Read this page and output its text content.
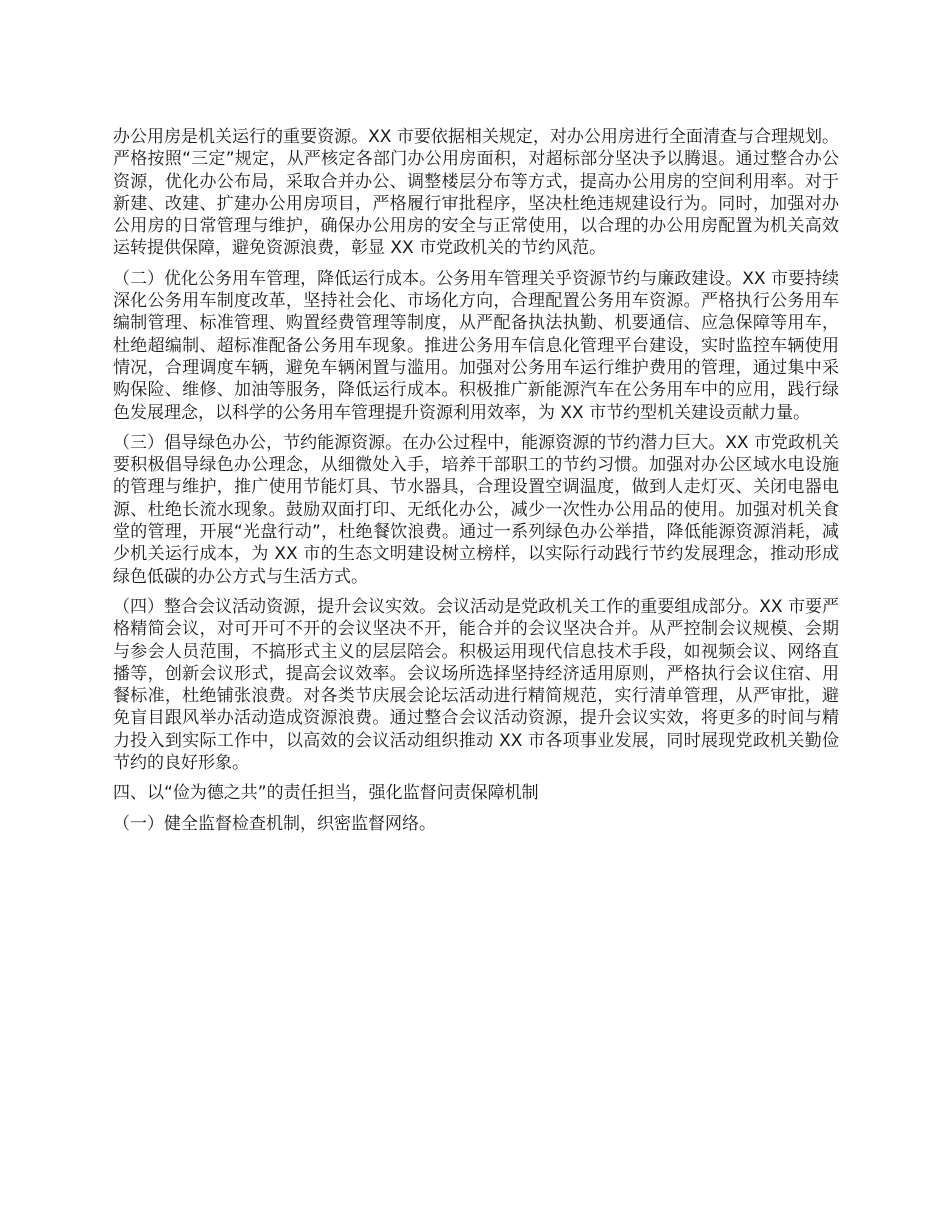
办公用房是机关运行的重要资源。XX 市要依据相关规定，对办公用房进行全面清查与合理规划。严格按照“三定”规定，从严核定各部门办公用房面积，对超标部分坚决予以腾退。通过整合办公资源，优化办公布局，采取合并办公、调整楼层分布等方式，提高办公用房的空间利用率。对于新建、改建、扩建办公用房项目，严格履行审批程序，坚决杜绝违规建设行为。同时，加强对办公用房的日常管理与维护，确保办公用房的安全与正常使用，以合理的办公用房配置为机关高效运转提供保障，避免资源浪费，彰显 XX 市党政机关的节约风范。

（二）优化公务用车管理，降低运行成本。公务用车管理关乎资源节约与廉政建设。XX 市要持续深化公务用车制度改革，坚持社会化、市场化方向，合理配置公务用车资源。严格执行公务用车编制管理、标准管理、购置经费管理等制度，从严配备执法执勤、机要通信、应急保障等用车，杜绝超编制、超标准配备公务用车现象。推进公务用车信息化管理平台建设，实时监控车辆使用情况，合理调度车辆，避免车辆闲置与滥用。加强对公务用车运行维护费用的管理，通过集中采购保险、维修、加油等服务，降低运行成本。积极推广新能源汽车在公务用车中的应用，践行绿色发展理念，以科学的公务用车管理提升资源利用效率，为 XX 市节约型机关建设贡献力量。

（三）倡导绿色办公，节约能源资源。在办公过程中，能源资源的节约潜力巨大。XX 市党政机关要积极倡导绿色办公理念，从细微处入手，培养干部职工的节约习惯。加强对办公区域水电设施的管理与维护，推广使用节能灯具、节水器具，合理设置空调温度，做到人走灯灭、关闭电器电源、杜绝长流水现象。鼓励双面打印、无纸化办公，减少一次性办公用品的使用。加强对机关食堂的管理，开展“光盘行动”，杜绝餐饮浪费。通过一系列绿色办公举措，降低能源资源消耗，减少机关运行成本，为 XX 市的生态文明建设树立榜样，以实际行动践行节约发展理念，推动形成绿色低碳的办公方式与生活方式。

（四）整合会议活动资源，提升会议实效。会议活动是党政机关工作的重要组成部分。XX 市要严格精简会议，对可开可不开的会议坚决不开，能合并的会议坚决合并。从严控制会议规模、会期与参会人员范围，不搞形式主义的层层陪会。积极运用现代信息技术手段，如视频会议、网络直播等，创新会议形式，提高会议效率。会议场所选择坚持经济适用原则，严格执行会议住宿、用餐标准，杜绝铺张浪费。对各类节庆展会论坛活动进行精简规范，实行清单管理，从严审批，避免盲目跟风举办活动造成资源浪费。通过整合会议活动资源，提升会议实效，将更多的时间与精力投入到实际工作中，以高效的会议活动组织推动 XX 市各项事业发展，同时展现党政机关勤俭节约的良好形象。

四、以“俭为德之共”的责任担当，强化监督问责保障机制

（一）健全监督检查机制，织密监督网络。
